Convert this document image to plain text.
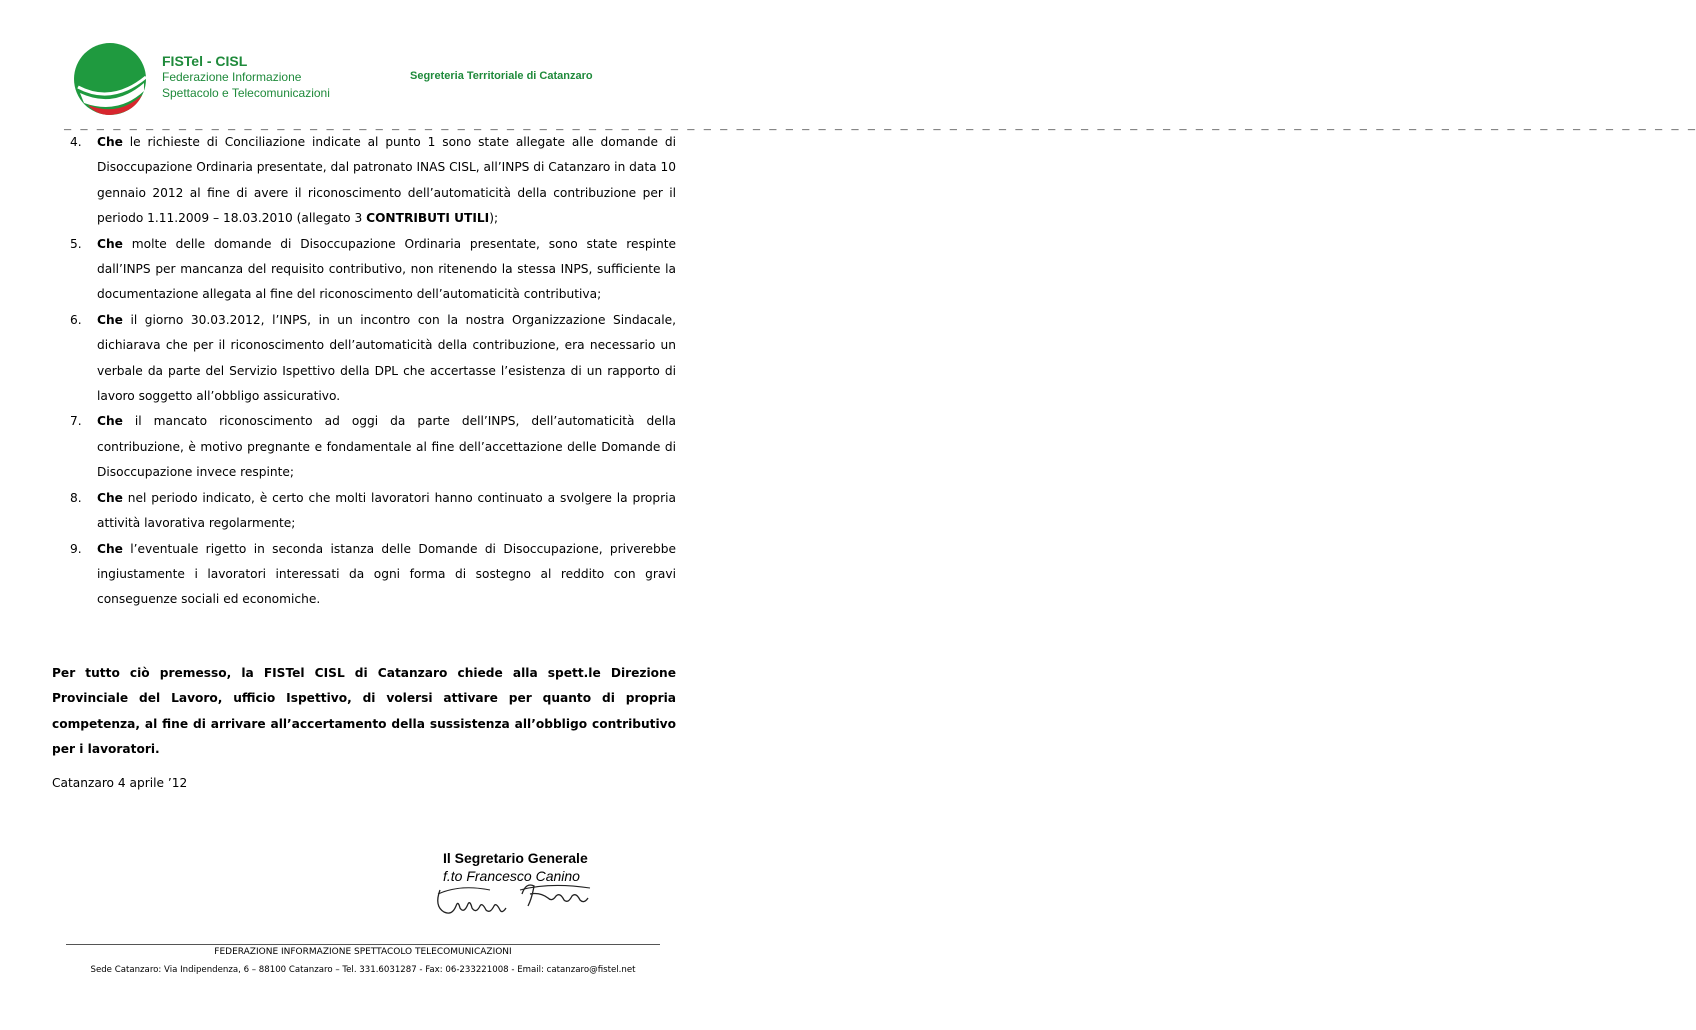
FISTel - CISL
Federazione Informazione
Spettacolo e Telecomunicazioni
Segreteria Territoriale di Catanzaro
_ _ _ _ _ _ _ _ _ _ _ _ _ _ _ _ _ _ _ _ _ _ _ _ _ _ _ _ _ _ _ _ _ _ _ _ _ _ _ _ _ _ _ _ _ _ _ _ _ _ _ _ _ _ _ _ _ _ _ _ _ _ _ _ _ _ _ _ _ _ _ _ _ _ _ _ _ _ _ _ _ _ _ _ _ _ _ _ _ _ _ _ _ _ _ _ _ _ _ _
4. Che le richieste di Conciliazione indicate al punto 1 sono state allegate alle domande di Disoccupazione Ordinaria presentate, dal patronato INAS CISL, all’INPS di Catanzaro in data 10 gennaio 2012 al fine di avere il riconoscimento dell’automaticità della contribuzione per il periodo 1.11.2009 – 18.03.2010 (allegato 3 CONTRIBUTI UTILI);
5. Che molte delle domande di Disoccupazione Ordinaria presentate, sono state respinte dall’INPS per mancanza del requisito contributivo, non ritenendo la stessa INPS, sufficiente la documentazione allegata al fine del riconoscimento dell’automaticità contributiva;
6. Che il giorno 30.03.2012, l’INPS, in un incontro con la nostra Organizzazione Sindacale, dichiarava che per il riconoscimento dell’automaticità della contribuzione, era necessario un verbale da parte del Servizio Ispettivo della DPL che accertasse l’esistenza di un rapporto di lavoro soggetto all’obbligo assicurativo.
7. Che il mancato riconoscimento ad oggi da parte dell’INPS, dell’automaticità della contribuzione, è motivo pregnante e fondamentale al fine dell’accettazione delle Domande di Disoccupazione invece respinte;
8. Che nel periodo indicato, è certo che molti lavoratori hanno continuato a svolgere la propria attività lavorativa regolarmente;
9. Che l’eventuale rigetto in seconda istanza delle Domande di Disoccupazione, priverebbe ingiustamente i lavoratori interessati da ogni forma di sostegno al reddito con gravi conseguenze sociali ed economiche.
Per tutto ciò premesso, la FISTel CISL di Catanzaro chiede alla spett.le Direzione Provinciale del Lavoro, ufficio Ispettivo, di volersi attivare per quanto di propria competenza, al fine di arrivare all’accertamento della sussistenza all’obbligo contributivo per i lavoratori.
Catanzaro 4 aprile ’12
Il Segretario Generale
f.to Francesco Canino
FEDERAZIONE INFORMAZIONE SPETTACOLO TELECOMUNICAZIONI
Sede Catanzaro: Via Indipendenza, 6 – 88100 Catanzaro – Tel. 331.6031287 - Fax: 06-233221008 - Email: catanzaro@fistel.net
